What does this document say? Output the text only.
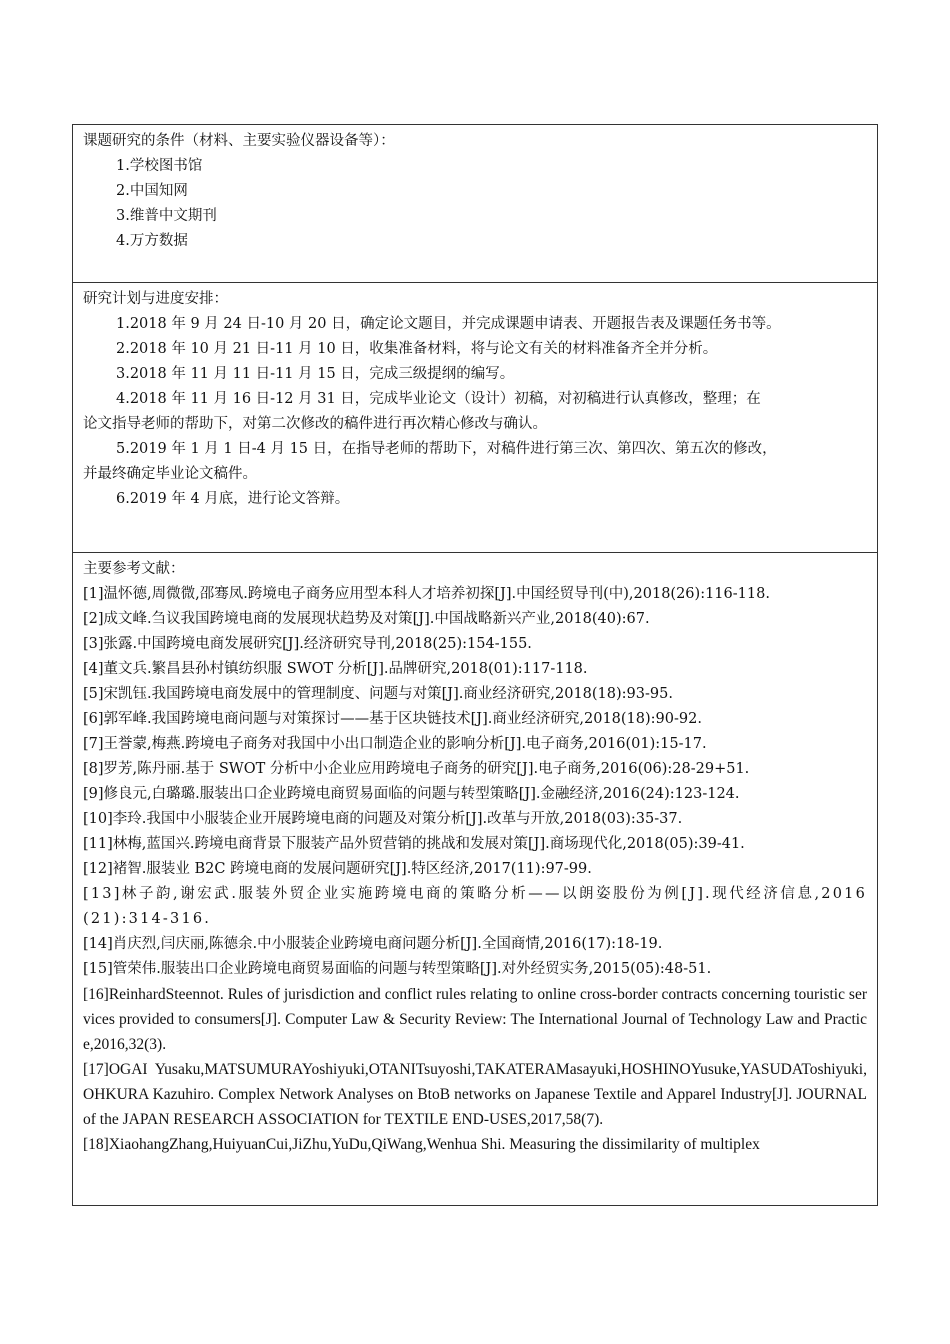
课题研究的条件（材料、主要实验仪器设备等）：
1.学校图书馆
2.中国知网
3.维普中文期刊
4.万方数据
研究计划与进度安排：
1.2018 年 9 月 24 日-10 月 20 日，确定论文题目，并完成课题申请表、开题报告表及课题任务书等。
2.2018 年 10 月 21 日-11 月 10 日，收集准备材料，将与论文有关的材料准备齐全并分析。
3.2018 年 11 月 11 日-11 月 15 日，完成三级提纲的编写。
4.2018 年 11 月 16 日-12 月 31 日，完成毕业论文（设计）初稿，对初稿进行认真修改，整理；在
论文指导老师的帮助下，对第二次修改的稿件进行再次精心修改与确认。
5.2019 年 1 月 1 日-4 月 15 日，在指导老师的帮助下，对稿件进行第三次、第四次、第五次的修改，
并最终确定毕业论文稿件。
6.2019 年 4 月底，进行论文答辩。
主要参考文献：
[1]温怀德,周微微,邵骞凤.跨境电子商务应用型本科人才培养初探[J].中国经贸导刊(中),2018(26):116-118.
[2]成文峰.刍议我国跨境电商的发展现状趋势及对策[J].中国战略新兴产业,2018(40):67.
[3]张露.中国跨境电商发展研究[J].经济研究导刊,2018(25):154-155.
[4]董文兵.繁昌县孙村镇纺织服 SWOT 分析[J].品牌研究,2018(01):117-118.
[5]宋凯钰.我国跨境电商发展中的管理制度、问题与对策[J].商业经济研究,2018(18):93-95.
[6]郭军峰.我国跨境电商问题与对策探讨——基于区块链技术[J].商业经济研究,2018(18):90-92.
[7]王誉蒙,梅燕.跨境电子商务对我国中小出口制造企业的影响分析[J].电子商务,2016(01):15-17.
[8]罗芳,陈丹丽.基于 SWOT 分析中小企业应用跨境电子商务的研究[J].电子商务,2016(06):28-29+51.
[9]修良元,白璐璐.服装出口企业跨境电商贸易面临的问题与转型策略[J].金融经济,2016(24):123-124.
[10]李玲.我国中小服装企业开展跨境电商的问题及对策分析[J].改革与开放,2018(03):35-37.
[11]林梅,蓝国兴.跨境电商背景下服装产品外贸营销的挑战和发展对策[J].商场现代化,2018(05):39-41.
[12]褚智.服装业 B2C 跨境电商的发展问题研究[J].特区经济,2017(11):97-99.
[13]林子韵,谢宏武.服装外贸企业实施跨境电商的策略分析——以朗姿股份为例[J].现代经济信息,2016(21):314-316.
[14]肖庆烈,闫庆丽,陈德余.中小服装企业跨境电商问题分析[J].全国商情,2016(17):18-19.
[15]管荣伟.服装出口企业跨境电商贸易面临的问题与转型策略[J].对外经贸实务,2015(05):48-51.
[16]ReinhardSteennot. Rules of jurisdiction and conflict rules relating to online cross-border contracts concerning touristic services provided to consumers[J]. Computer Law & Security Review: The International Journal of Technology Law and Practice,2016,32(3).
[17]OGAI Yusaku,MATSUMURAYoshiyuki,OTANITsuyoshi,TAKATERAMasayuki,HOSHINOYusuke,YASUDAToshiyuki,OHKURA Kazuhiro. Complex Network Analyses on BtoB networks on Japanese Textile and Apparel Industry[J]. JOURNAL of the JAPAN RESEARCH ASSOCIATION for TEXTILE END-USES,2017,58(7).
[18]XiaohangZhang,HuiyuanCui,JiZhu,YuDu,QiWang,Wenhua Shi. Measuring the dissimilarity of multiplex
